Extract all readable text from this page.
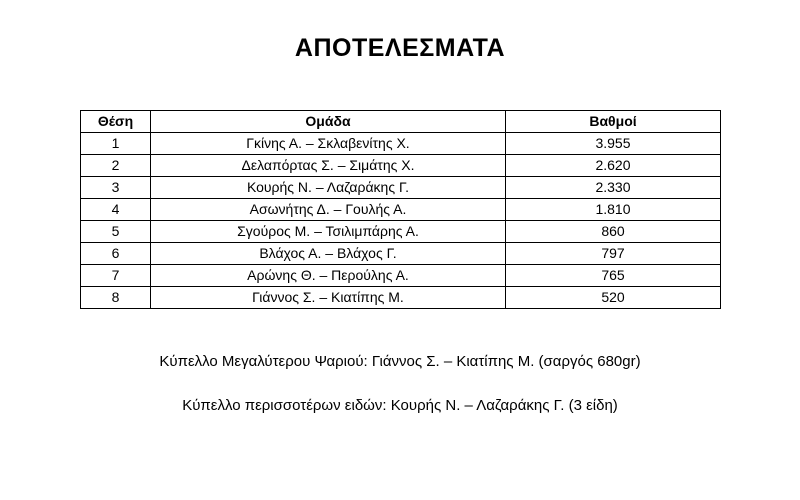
ΑΠΟΤΕΛΕΣΜΑΤΑ
Θέση	Ομάδα	Βαθμοί
1	Γκίνης Α. – Σκλαβενίτης Χ.	3.955
2	Δελαπόρτας Σ. – Σιμάτης Χ.	2.620
3	Κουρής Ν. – Λαζαράκης Γ.	2.330
4	Ασωνήτης Δ. – Γουλής Α.	1.810
5	Σγούρος Μ. – Τσιλιμπάρης Α.	860
6	Βλάχος Α. – Βλάχος Γ.	797
7	Αρώνης Θ. – Περούλης Α.	765
8	Γιάννος Σ. – Κιατίπης Μ.	520
Κύπελλο Μεγαλύτερου Ψαριού: Γιάννος Σ. – Κιατίπης Μ. (σαργός 680gr)
Κύπελλο περισσοτέρων ειδών: Κουρής Ν. – Λαζαράκης Γ. (3 είδη)
